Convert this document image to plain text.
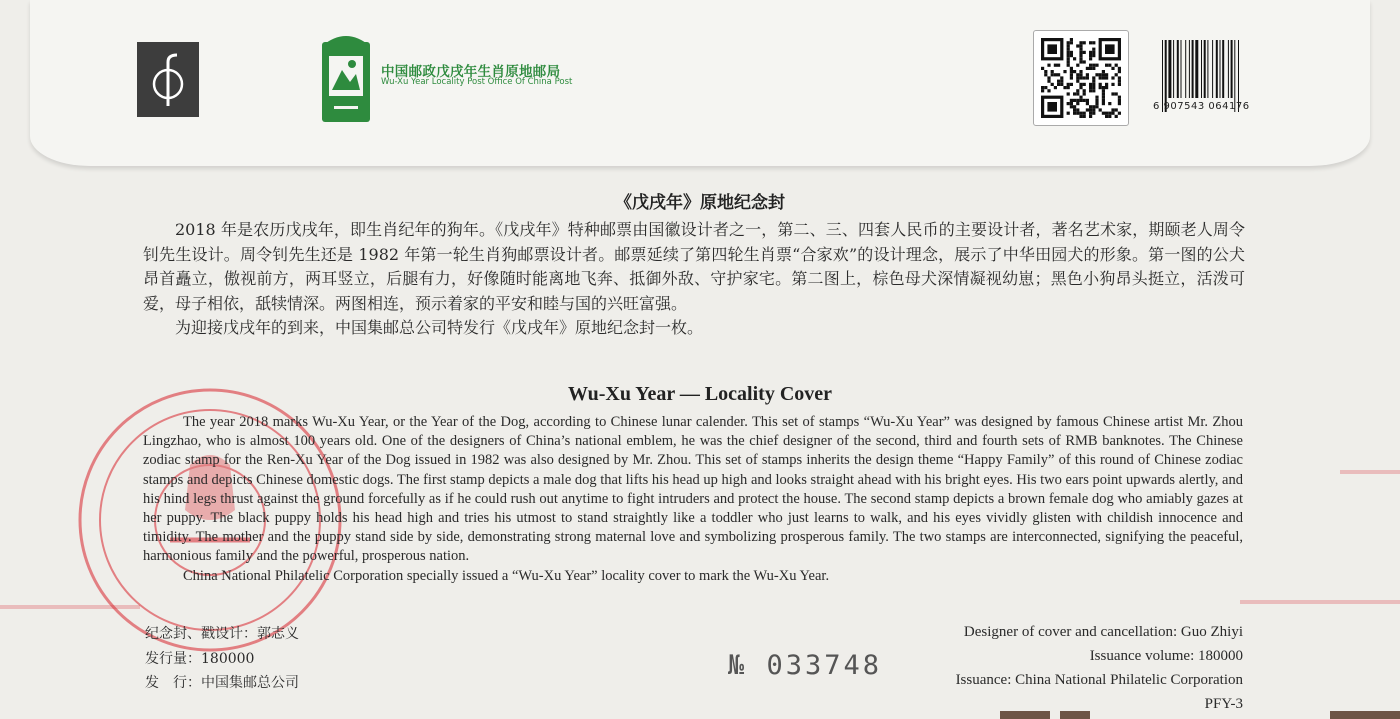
中国邮政戊戌年生肖原地邮局
Wu-Xu Year Locality Post Office Of China Post
6 907543 064176
《戊戌年》原地纪念封

2018 年是农历戊戌年，即生肖纪年的狗年。《戊戌年》特种邮票由国徽设计者之一，第二、三、四套人民币的主要设计者，著名艺术家，期颐老人周令钊先生设计。周令钊先生还是 1982 年第一轮生肖狗邮票设计者。邮票延续了第四轮生肖票“合家欢”的设计理念，展示了中华田园犬的形象。第一图的公犬昂首矗立，傲视前方，两耳竖立，后腿有力，好像随时能离地飞奔、抵御外敌、守护家宅。第二图上，棕色母犬深情凝视幼崽；黑色小狗昂头挺立，活泼可爱，母子相依，舐犊情深。两图相连，预示着家的平安和睦与国的兴旺富强。

为迎接戊戌年的到来，中国集邮总公司特发行《戊戌年》原地纪念封一枚。

Wu-Xu Year — Locality Cover

The year 2018 marks Wu-Xu Year, or the Year of the Dog, according to Chinese lunar calender. This set of stamps “Wu-Xu Year” was designed by famous Chinese artist Mr. Zhou Lingzhao, who is almost 100 years old. One of the designers of China’s national emblem, he was the chief designer of the second, third and fourth sets of RMB banknotes. The Chinese zodiac stamp for the Ren-Xu Year of the Dog issued in 1982 was also designed by Mr. Zhou. This set of stamps inherits the design theme “Happy Family” of this round of Chinese zodiac stamps and depicts Chinese domestic dogs. The first stamp depicts a male dog that lifts his head up high and looks straight ahead with his bright eyes. His two ears point upwards alertly, and his hind legs thrust against the ground forcefully as if he could rush out anytime to fight intruders and protect the house. The second stamp depicts a brown female dog who amiably gazes at her puppy. The black puppy holds his head high and tries his utmost to stand straightly like a toddler who just learns to walk, and his eyes vividly glisten with childish innocence and timidity. The mother and the puppy stand side by side, demonstrating strong maternal love and symbolizing prosperous family. The two stamps are interconnected, signifying the peaceful, harmonious family and the powerful, prosperous nation.

China National Philatelic Corporation specially issued a “Wu-Xu Year” locality cover to mark the Wu-Xu Year.

纪念封、戳设计：郭志义
发行量：180000
发　行：中国集邮总公司
№ 033748
Designer of cover and cancellation: Guo Zhiyi
Issuance volume: 180000
Issuance: China National Philatelic Corporation
PFY-3
